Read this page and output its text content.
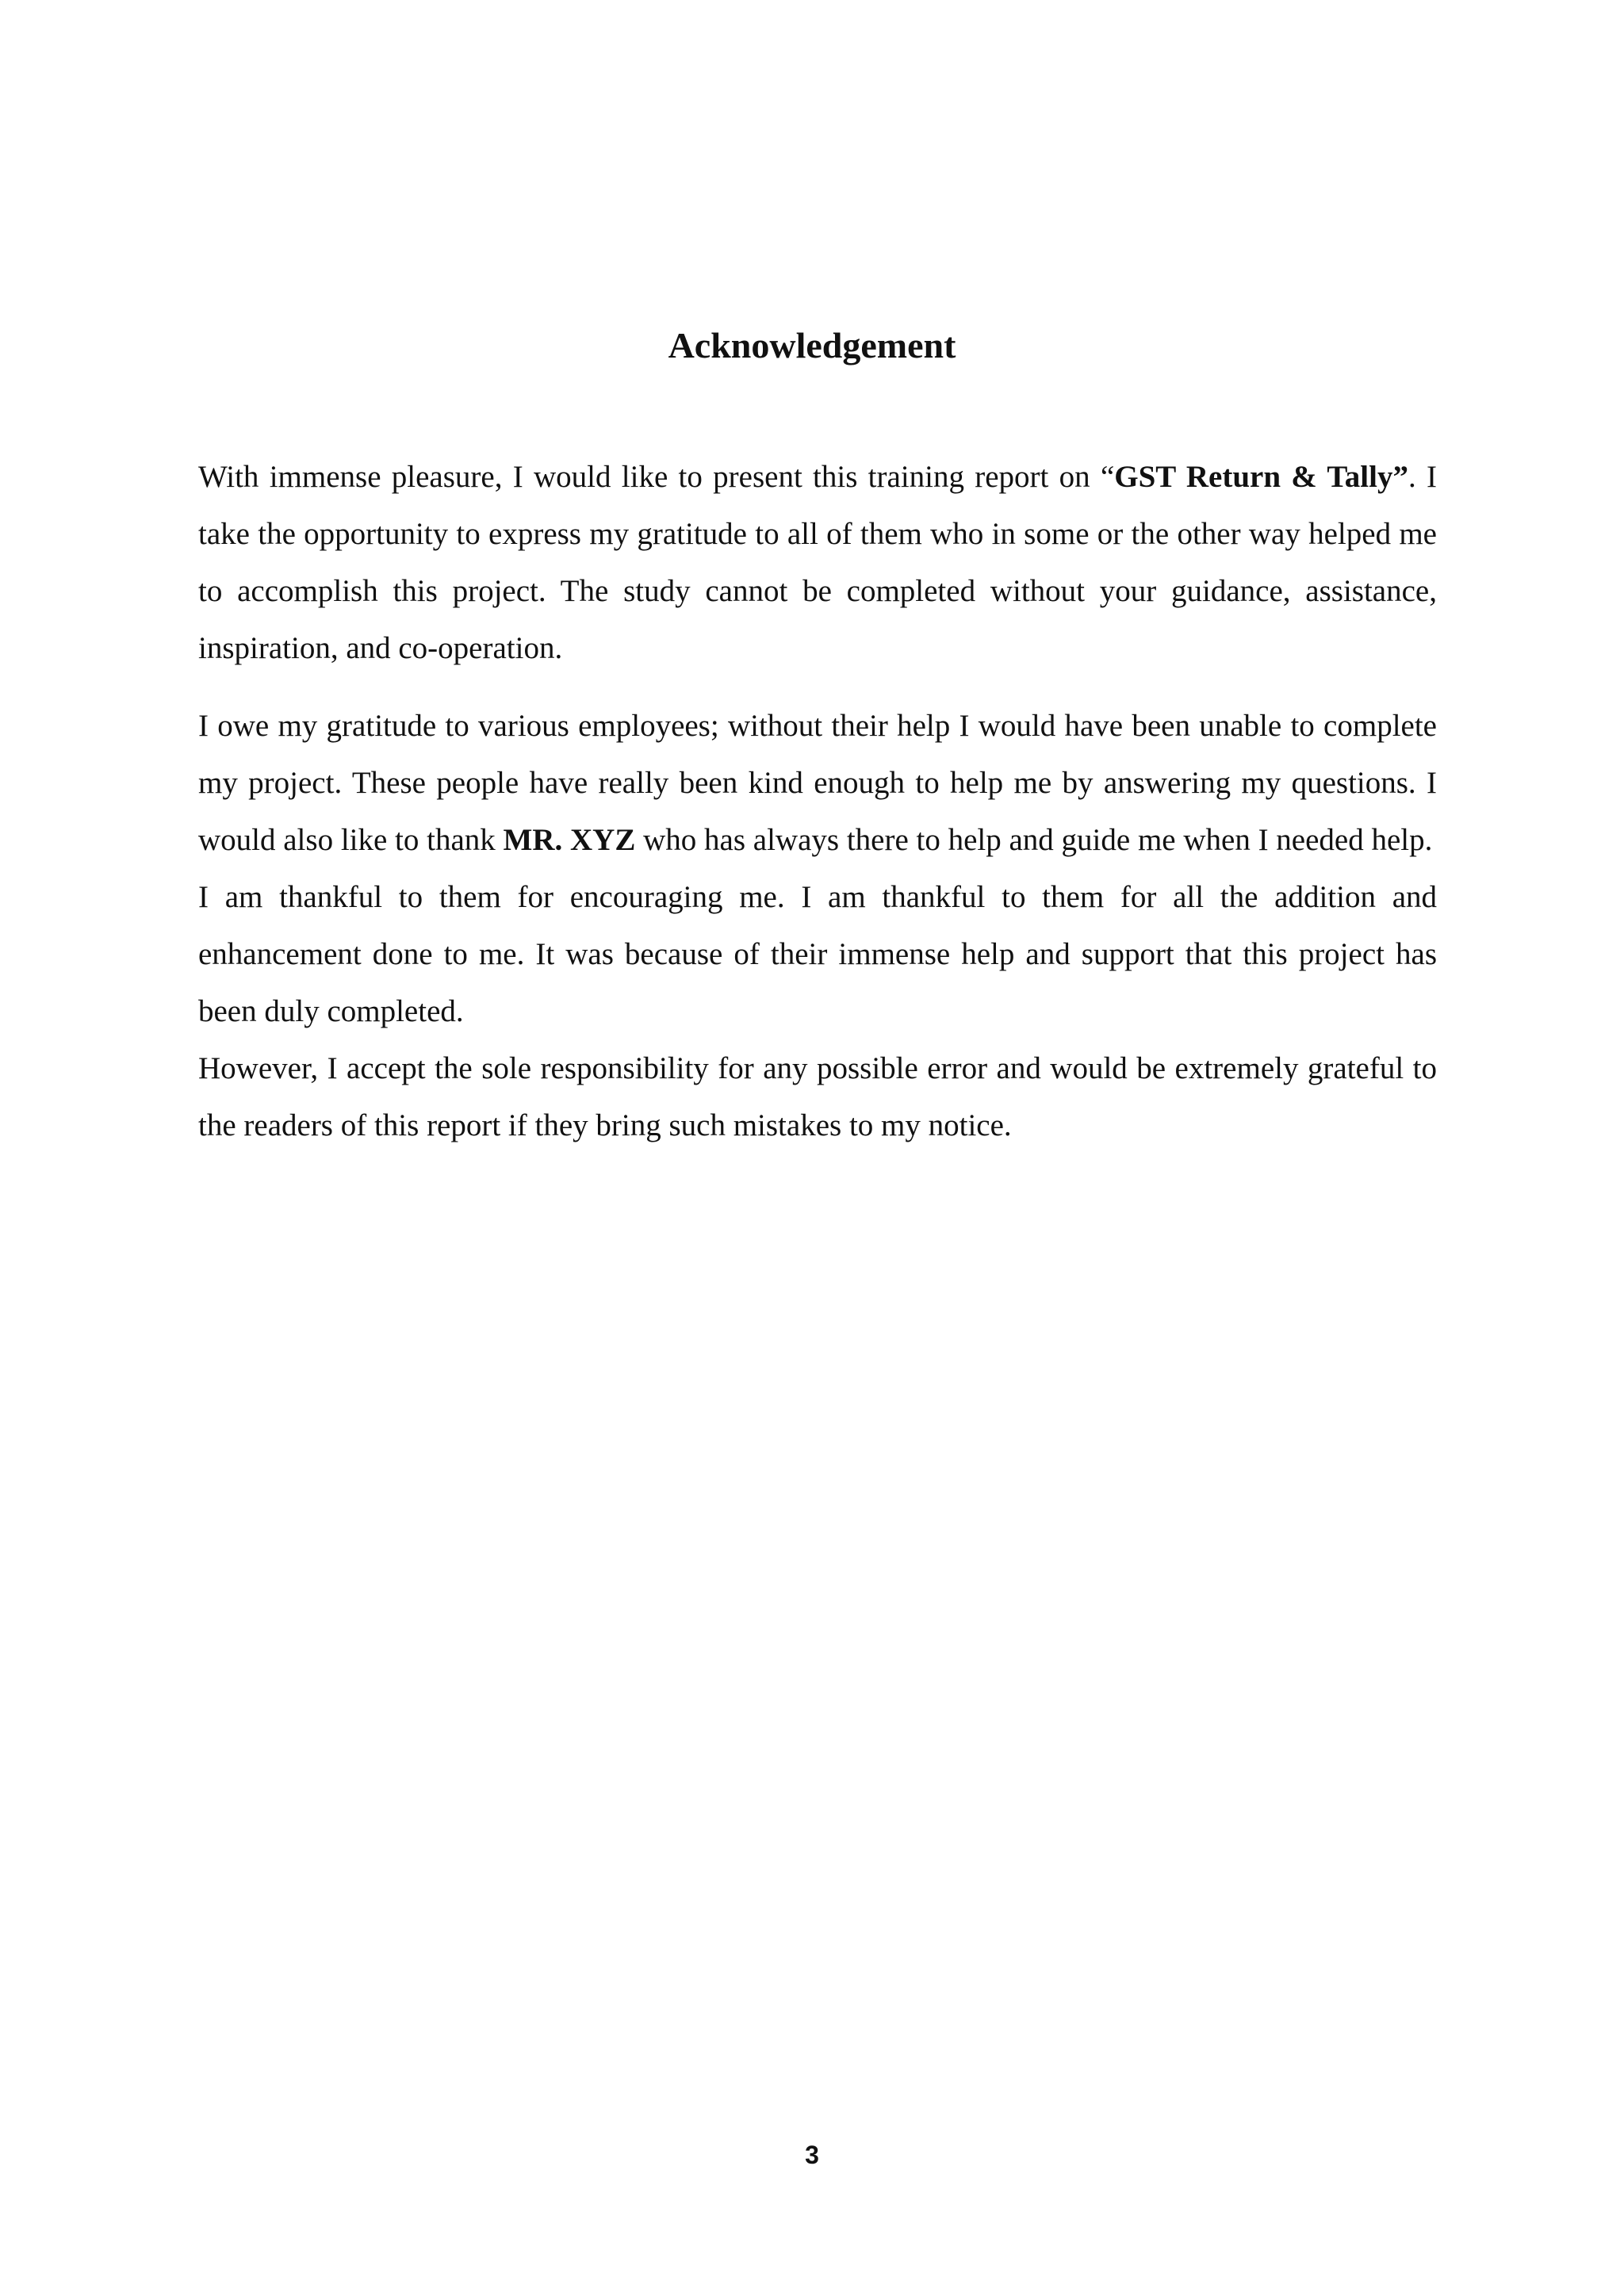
Acknowledgement

With immense pleasure, I would like to present this training report on “GST Return & Tally”. I take the opportunity to express my gratitude to all of them who in some or the other way helped me to accomplish this project. The study cannot be completed without your guidance, assistance, inspiration, and co-operation.

I owe my gratitude to various employees; without their help I would have been unable to complete my project. These people have really been kind enough to help me by answering my questions. I would also like to thank MR. XYZ who has always there to help and guide me when I needed help.

I am thankful to them for encouraging me. I am thankful to them for all the addition and enhancement done to me. It was because of their immense help and support that this project has been duly completed.

However, I accept the sole responsibility for any possible error and would be extremely grateful to the readers of this report if they bring such mistakes to my notice.

3
